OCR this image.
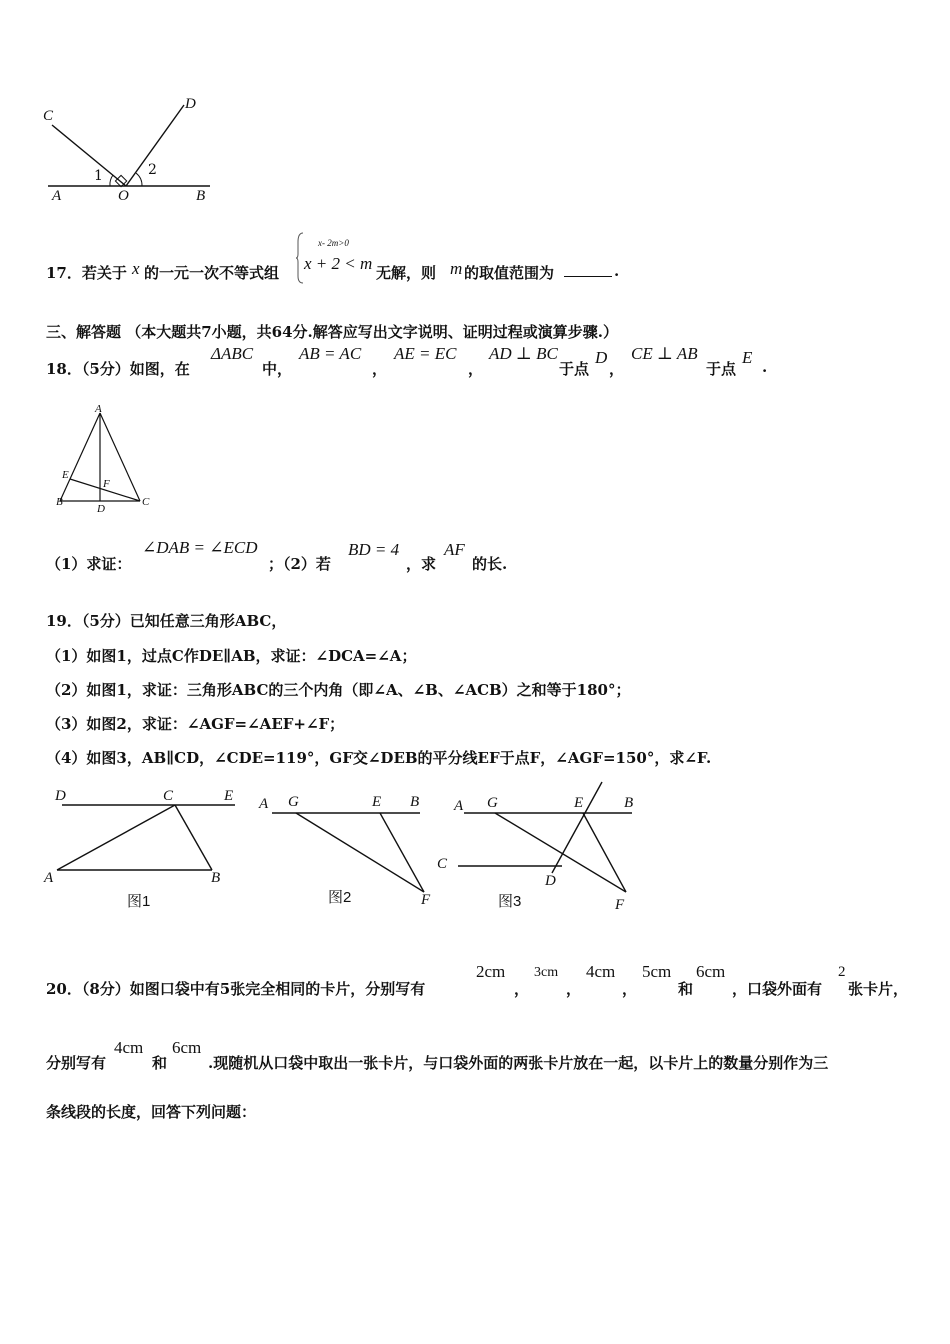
C
D
A	O	B
1	2
17．若关于 x 的一元一次不等式组
x- 2m>0
x + 2 < m 无解，则 m 的取值范围为	.
三、解答题 （本大题共7小题，共64分.解答应写出文字说明、证明过程或演算步骤.）
18．（5分）如图，在
ΔABC
中，
AB = AC
，
AE = EC
，
AD ⊥ BC
于点
D
，
CE ⊥ AB
于点
E .
A
E
F
B
D
C
（1）求证：
∠DAB = ∠ECD
；（2）若
BD = 4
，求
AF
的长.
19．（5分）已知任意三角形ABC，
（1）如图1，过点C作DE∥AB，求证：∠DCA=∠A；
（2）如图1，求证：三角形ABC的三个内角（即∠A、∠B、∠ACB）之和等于180°；
（3）如图2，求证：∠AGF=∠AEF+∠F；
（4）如图3，AB∥CD，∠CDE=119°，GF交∠DEB的平分线EF于点F，∠AGF=150°，求∠F.
D	C	E
A	B
图1
A G	E B
F
图2
A G	E	B
C
D
F
图3
20．（8分）如图口袋中有5张完全相同的卡片，分别写有
2cm
，
3cm
，
4cm
，
5cm
和
6cm
，口袋外面有
2
张卡片，
分别写有
4cm
和
6cm
.现随机从口袋中取出一张卡片，与口袋外面的两张卡片放在一起，以卡片上的数量分别作为三
条线段的长度，回答下列问题：
